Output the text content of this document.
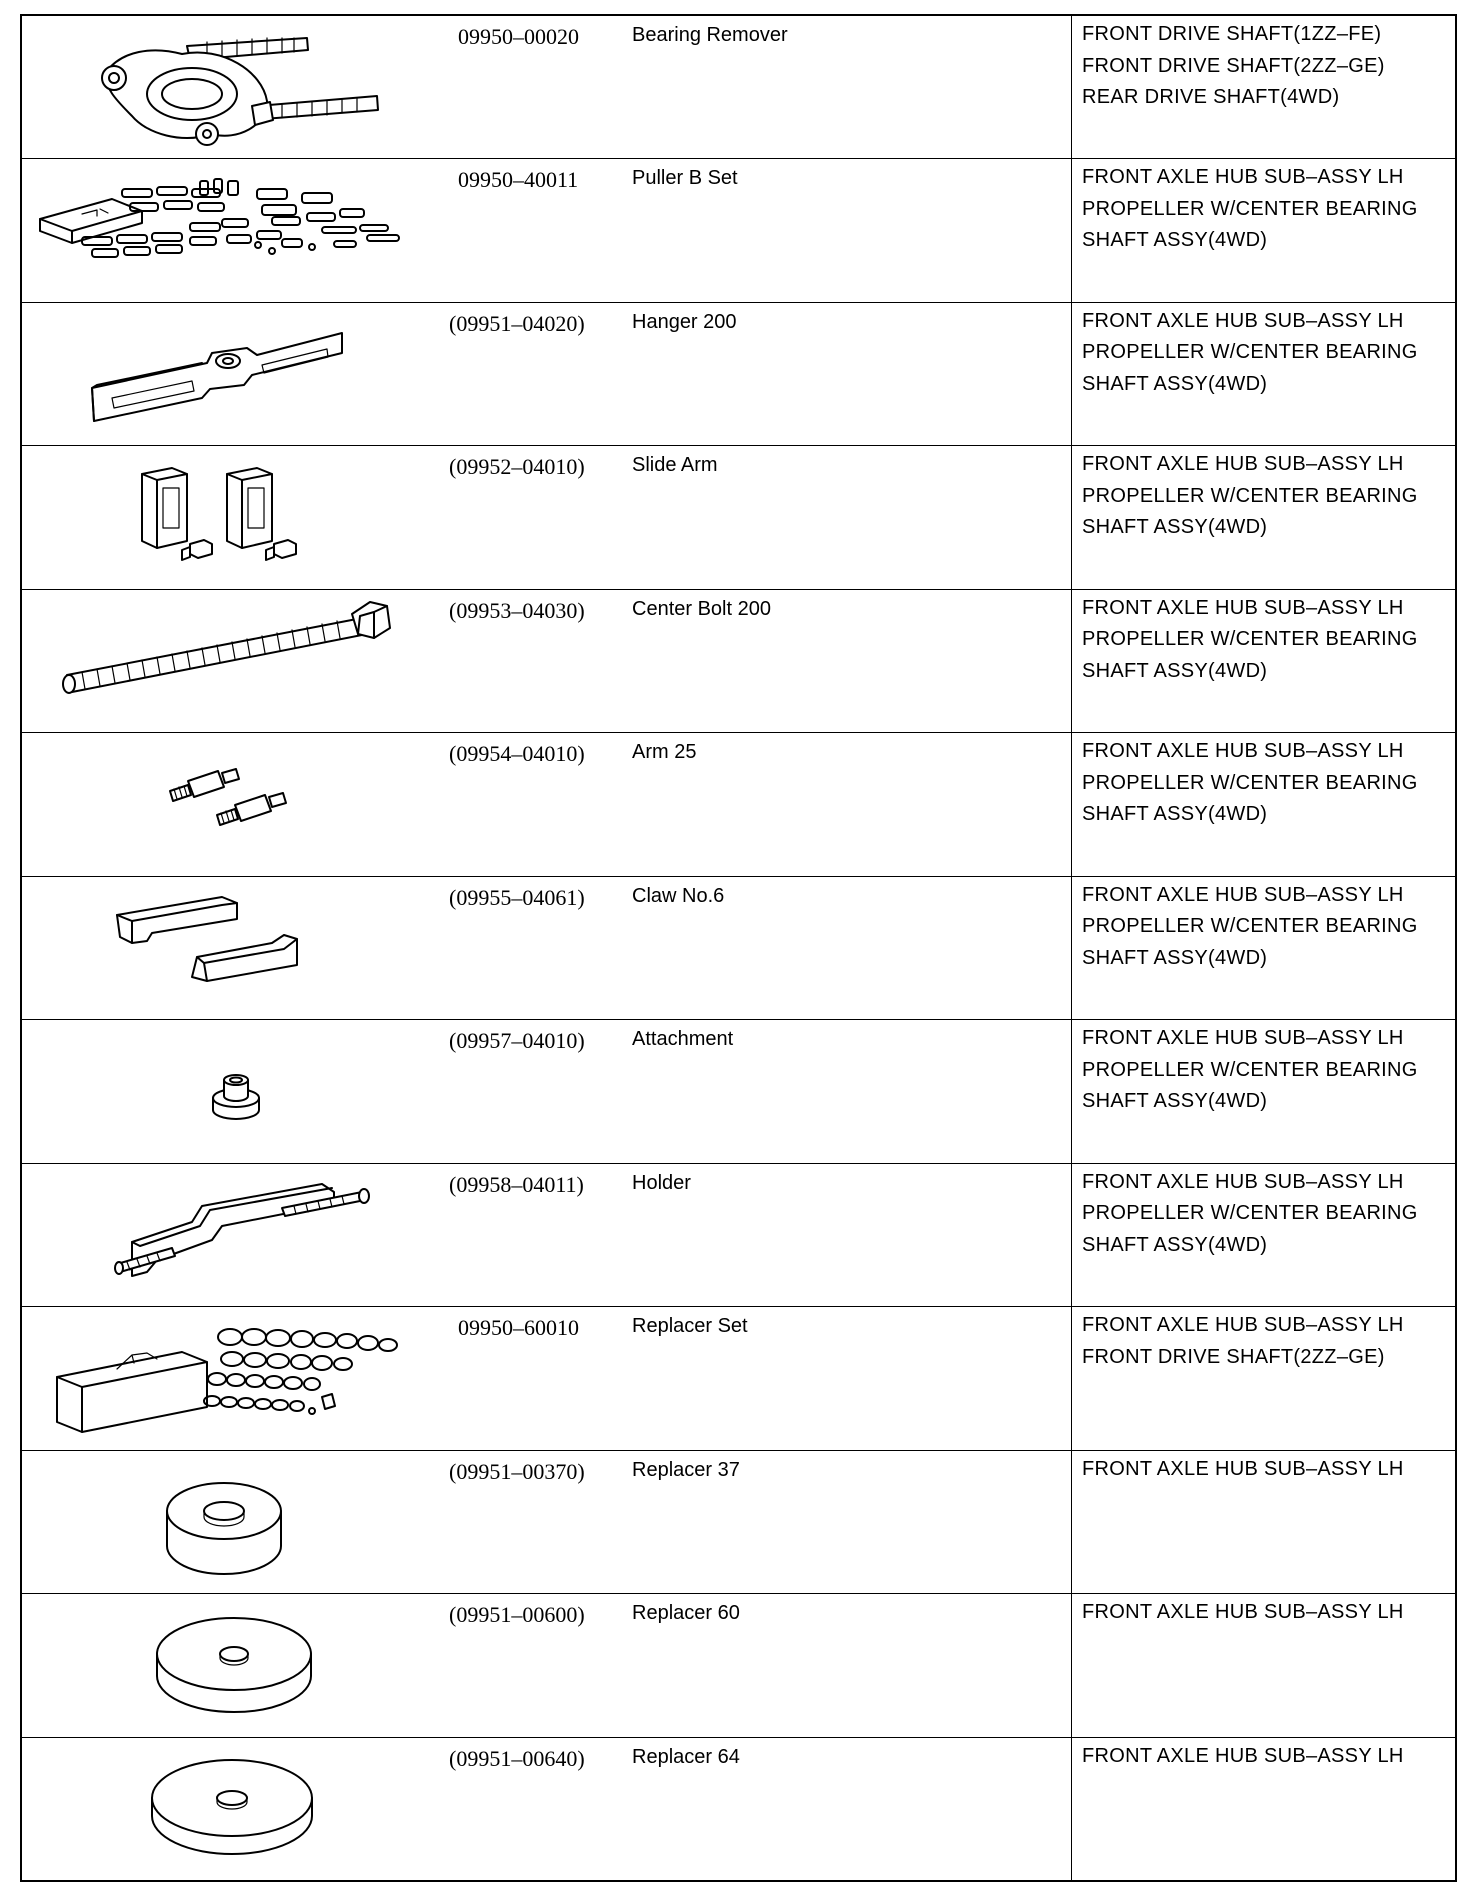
09950–00020	Bearing Remover	FRONT DRIVE SHAFT(1ZZ–FE)
FRONT DRIVE SHAFT(2ZZ–GE)
REAR DRIVE SHAFT(4WD)

09950–40011	Puller B Set	FRONT AXLE HUB SUB–ASSY LH
PROPELLER W/CENTER BEARING
SHAFT ASSY(4WD)

(09951–04020)	Hanger 200	FRONT AXLE HUB SUB–ASSY LH
PROPELLER W/CENTER BEARING
SHAFT ASSY(4WD)

(09952–04010)	Slide Arm	FRONT AXLE HUB SUB–ASSY LH
PROPELLER W/CENTER BEARING
SHAFT ASSY(4WD)

(09953–04030)	Center Bolt 200	FRONT AXLE HUB SUB–ASSY LH
PROPELLER W/CENTER BEARING
SHAFT ASSY(4WD)

(09954–04010)	Arm 25	FRONT AXLE HUB SUB–ASSY LH
PROPELLER W/CENTER BEARING
SHAFT ASSY(4WD)

(09955–04061)	Claw No.6	FRONT AXLE HUB SUB–ASSY LH
PROPELLER W/CENTER BEARING
SHAFT ASSY(4WD)

(09957–04010)	Attachment	FRONT AXLE HUB SUB–ASSY LH
PROPELLER W/CENTER BEARING
SHAFT ASSY(4WD)

(09958–04011)	Holder	FRONT AXLE HUB SUB–ASSY LH
PROPELLER W/CENTER BEARING
SHAFT ASSY(4WD)

09950–60010	Replacer Set	FRONT AXLE HUB SUB–ASSY LH
FRONT DRIVE SHAFT(2ZZ–GE)

(09951–00370)	Replacer 37	FRONT AXLE HUB SUB–ASSY LH

(09951–00600)	Replacer 60	FRONT AXLE HUB SUB–ASSY LH

(09951–00640)	Replacer 64	FRONT AXLE HUB SUB–ASSY LH
